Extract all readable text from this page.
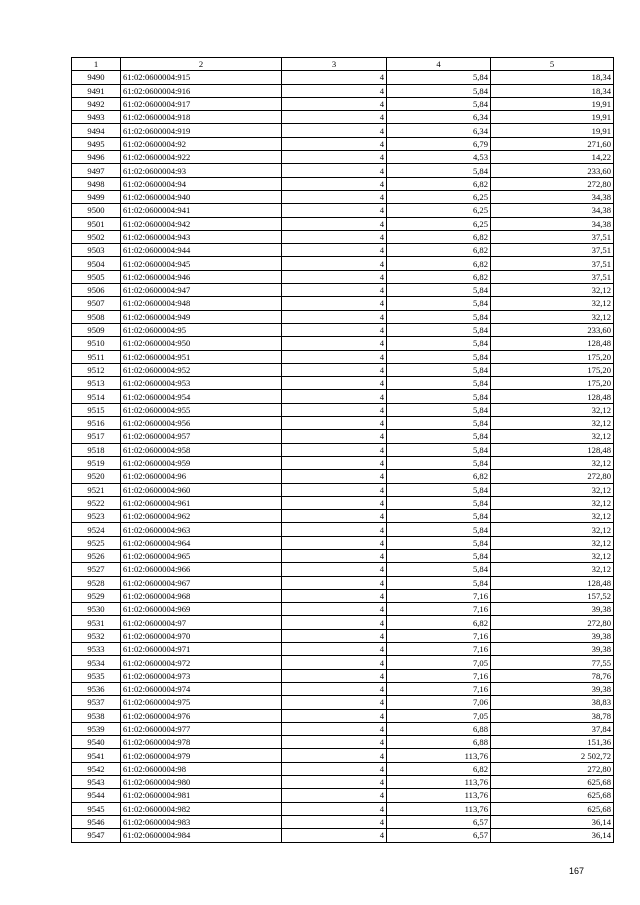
1	2	3	4	5
9490	61:02:0600004:915	4	5,84	18,34
9491	61:02:0600004:916	4	5,84	18,34
9492	61:02:0600004:917	4	5,84	19,91
9493	61:02:0600004:918	4	6,34	19,91
9494	61:02:0600004:919	4	6,34	19,91
9495	61:02:0600004:92	4	6,79	271,60
9496	61:02:0600004:922	4	4,53	14,22
9497	61:02:0600004:93	4	5,84	233,60
9498	61:02:0600004:94	4	6,82	272,80
9499	61:02:0600004:940	4	6,25	34,38
9500	61:02:0600004:941	4	6,25	34,38
9501	61:02:0600004:942	4	6,25	34,38
9502	61:02:0600004:943	4	6,82	37,51
9503	61:02:0600004:944	4	6,82	37,51
9504	61:02:0600004:945	4	6,82	37,51
9505	61:02:0600004:946	4	6,82	37,51
9506	61:02:0600004:947	4	5,84	32,12
9507	61:02:0600004:948	4	5,84	32,12
9508	61:02:0600004:949	4	5,84	32,12
9509	61:02:0600004:95	4	5,84	233,60
9510	61:02:0600004:950	4	5,84	128,48
9511	61:02:0600004:951	4	5,84	175,20
9512	61:02:0600004:952	4	5,84	175,20
9513	61:02:0600004:953	4	5,84	175,20
9514	61:02:0600004:954	4	5,84	128,48
9515	61:02:0600004:955	4	5,84	32,12
9516	61:02:0600004:956	4	5,84	32,12
9517	61:02:0600004:957	4	5,84	32,12
9518	61:02:0600004:958	4	5,84	128,48
9519	61:02:0600004:959	4	5,84	32,12
9520	61:02:0600004:96	4	6,82	272,80
9521	61:02:0600004:960	4	5,84	32,12
9522	61:02:0600004:961	4	5,84	32,12
9523	61:02:0600004:962	4	5,84	32,12
9524	61:02:0600004:963	4	5,84	32,12
9525	61:02:0600004:964	4	5,84	32,12
9526	61:02:0600004:965	4	5,84	32,12
9527	61:02:0600004:966	4	5,84	32,12
9528	61:02:0600004:967	4	5,84	128,48
9529	61:02:0600004:968	4	7,16	157,52
9530	61:02:0600004:969	4	7,16	39,38
9531	61:02:0600004:97	4	6,82	272,80
9532	61:02:0600004:970	4	7,16	39,38
9533	61:02:0600004:971	4	7,16	39,38
9534	61:02:0600004:972	4	7,05	77,55
9535	61:02:0600004:973	4	7,16	78,76
9536	61:02:0600004:974	4	7,16	39,38
9537	61:02:0600004:975	4	7,06	38,83
9538	61:02:0600004:976	4	7,05	38,78
9539	61:02:0600004:977	4	6,88	37,84
9540	61:02:0600004:978	4	6,88	151,36
9541	61:02:0600004:979	4	113,76	2 502,72
9542	61:02:0600004:98	4	6,82	272,80
9543	61:02:0600004:980	4	113,76	625,68
9544	61:02:0600004:981	4	113,76	625,68
9545	61:02:0600004:982	4	113,76	625,68
9546	61:02:0600004:983	4	6,57	36,14
9547	61:02:0600004:984	4	6,57	36,14
167
